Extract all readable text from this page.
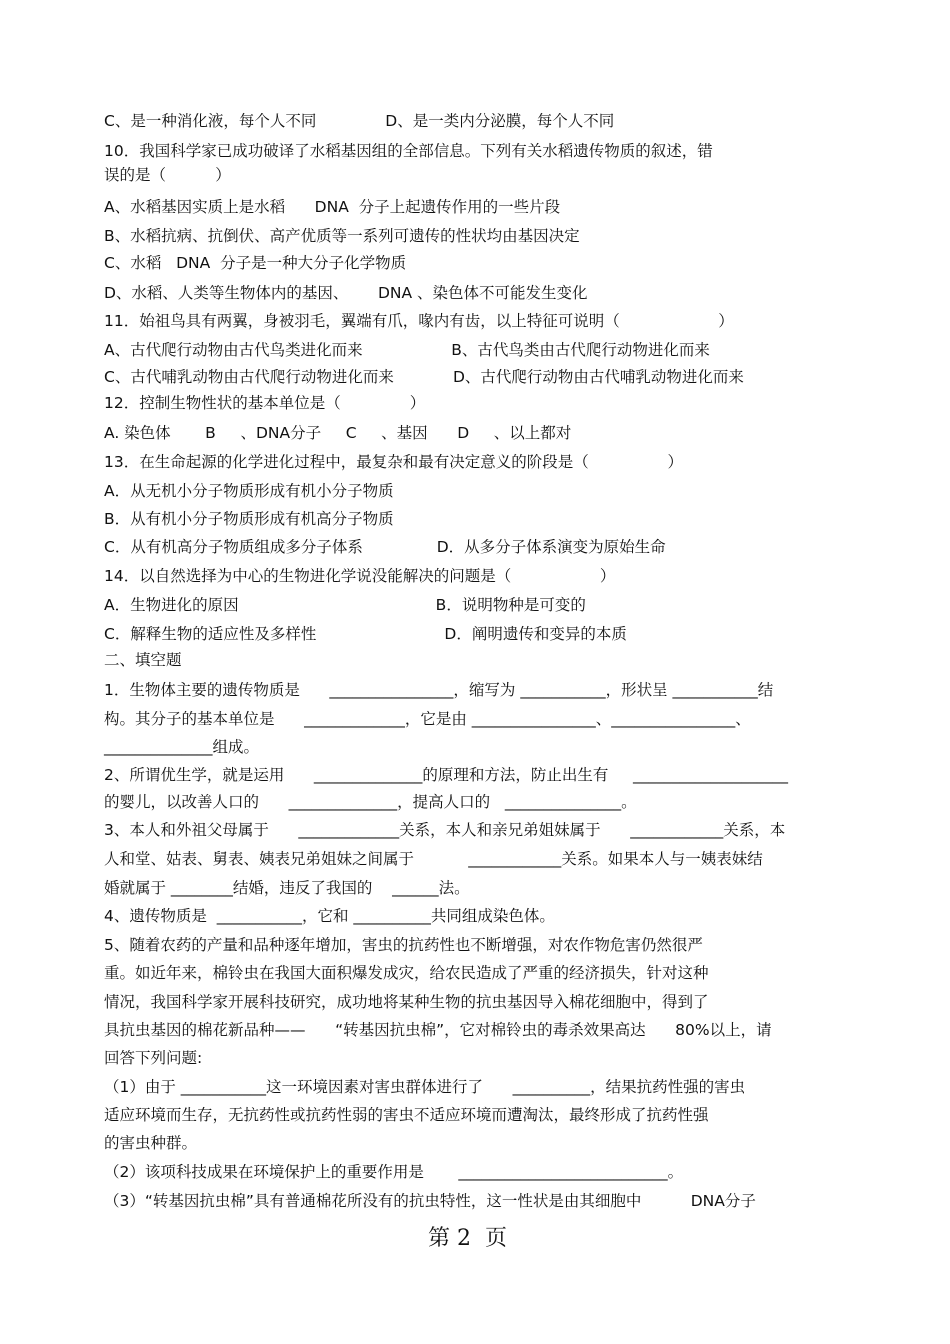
C、是一种消化液，每个人不同              D、是一类内分泌膜，每个人不同
10．我国科学家已成功破译了水稻基因组的全部信息。下列有关水稻遗传物质的叙述，错
误的是（          ）
A、水稻基因实质上是水稻      DNA  分子上起遗传作用的一些片段
B、水稻抗病、抗倒伏、高产优质等一系列可遗传的性状均由基因决定
C、水稻   DNA  分子是一种大分子化学物质
D、水稻、人类等生物体内的基因、      DNA 、染色体不可能发生变化
11．始祖鸟具有两翼，身被羽毛，翼端有爪，喙内有齿，以上特征可说明（                    ）
A、古代爬行动物由古代鸟类进化而来                  B、古代鸟类由古代爬行动物进化而来
C、古代哺乳动物由古代爬行动物进化而来            D、古代爬行动物由古代哺乳动物进化而来
12．控制生物性状的基本单位是（              ）
A. 染色体       B     、DNA分子     C     、基因      D     、以上都对
13．在生命起源的化学进化过程中，最复杂和最有决定意义的阶段是（                ）
A．从无机小分子物质形成有机小分子物质
B．从有机小分子物质形成有机高分子物质
C．从有机高分子物质组成多分子体系               D．从多分子体系演变为原始生命
14．以自然选择为中心的生物进化学说没能解决的问题是（                  ）
A．生物进化的原因                                        B．说明物种是可变的
C．解释生物的适应性及多样性                          D．阐明遗传和变异的本质
二、填空题
1．生物体主要的遗传物质是      ________________，缩写为 ___________，形状呈 ___________结
构。其分子的基本单位是      _____________，它是由 ________________、________________、
______________组成。
2、所谓优生学，就是运用      ______________的原理和方法，防止出生有     ____________________
的婴儿，以改善人口的      ______________，提高人口的   _______________。
3、本人和外祖父母属于      _____________关系，本人和亲兄弟姐妹属于      ____________关系，本
人和堂、姑表、舅表、姨表兄弟姐妹之间属于           ____________关系。如果本人与一姨表妹结
婚就属于 ________结婚，违反了我国的    ______法。
4、遗传物质是  ___________，它和 __________共同组成染色体。
5、随着农药的产量和品种逐年增加，害虫的抗药性也不断增强，对农作物危害仍然很严
重。如近年来，棉铃虫在我国大面积爆发成灾，给农民造成了严重的经济损失，针对这种
情况，我国科学家开展科技研究，成功地将某种生物的抗虫基因导入棉花细胞中，得到了
具抗虫基因的棉花新品种——      “转基因抗虫棉”，它对棉铃虫的毒杀效果高达      80%以上，请
回答下列问题:
（1）由于 ___________这一环境因素对害虫群体进行了      __________，结果抗药性强的害虫
适应环境而生存，无抗药性或抗药性弱的害虫不适应环境而遭淘汰，最终形成了抗药性强
的害虫种群。
（2）该项科技成果在环境保护上的重要作用是       ___________________________。
（3）“转基因抗虫棉”具有普通棉花所没有的抗虫特性，这一性状是由其细胞中          DNA分子
第 2  页
